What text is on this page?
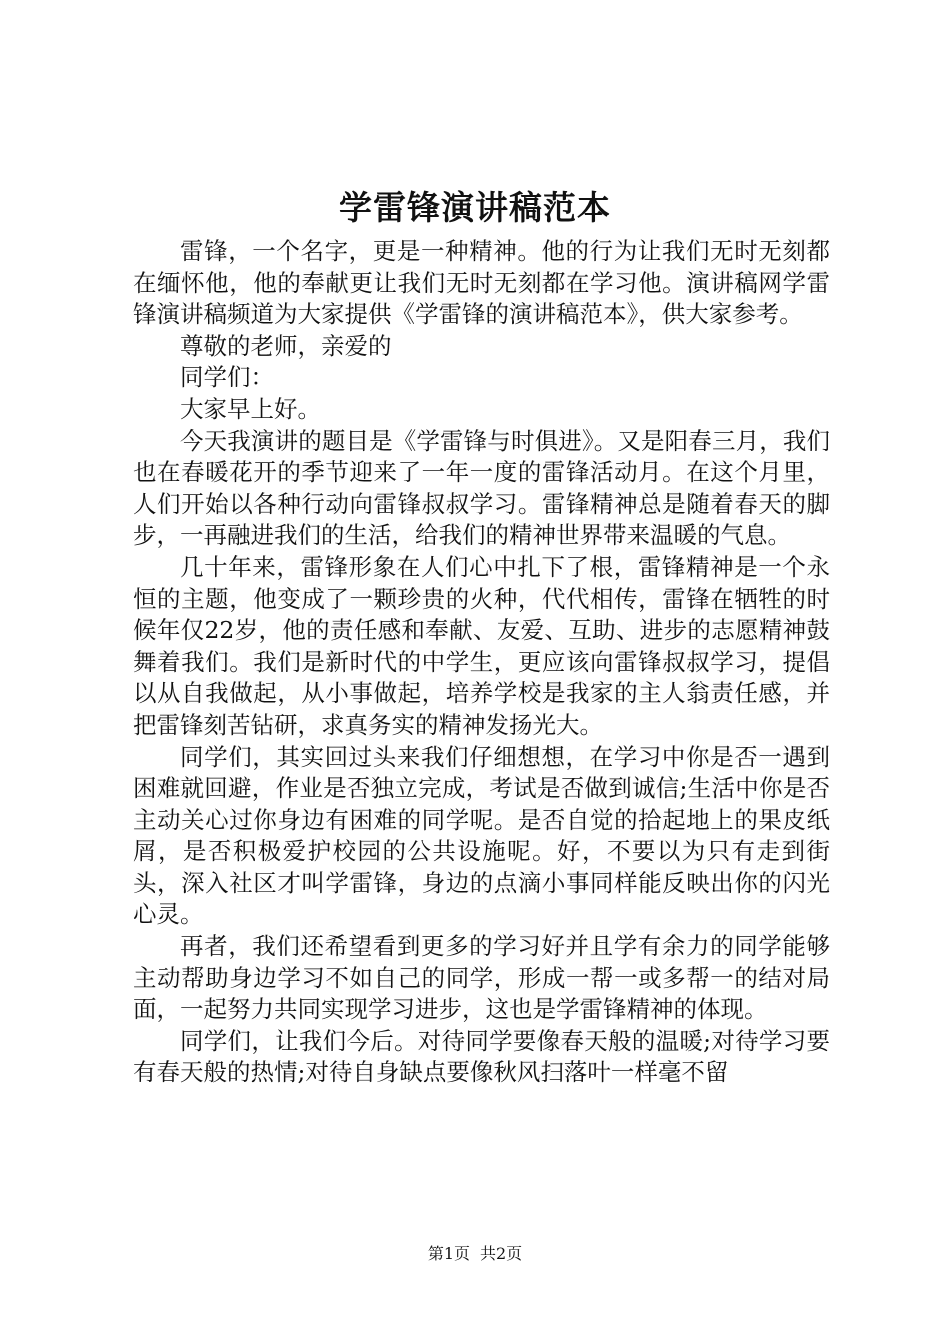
学雷锋演讲稿范本

雷锋，一个名字，更是一种精神。他的行为让我们无时无刻都在缅怀他，他的奉献更让我们无时无刻都在学习他。演讲稿网学雷锋演讲稿频道为大家提供《学雷锋的演讲稿范本》，供大家参考。

尊敬的老师，亲爱的

同学们：

大家早上好。

今天我演讲的题目是《学雷锋与时俱进》。又是阳春三月，我们也在春暖花开的季节迎来了一年一度的雷锋活动月。在这个月里，人们开始以各种行动向雷锋叔叔学习。雷锋精神总是随着春天的脚步，一再融进我们的生活，给我们的精神世界带来温暖的气息。

几十年来，雷锋形象在人们心中扎下了根，雷锋精神是一个永恒的主题，他变成了一颗珍贵的火种，代代相传，雷锋在牺牲的时候年仅22岁，他的责任感和奉献、友爱、互助、进步的志愿精神鼓舞着我们。我们是新时代的中学生，更应该向雷锋叔叔学习，提倡以从自我做起，从小事做起，培养学校是我家的主人翁责任感，并把雷锋刻苦钻研，求真务实的精神发扬光大。

同学们，其实回过头来我们仔细想想，在学习中你是否一遇到困难就回避，作业是否独立完成，考试是否做到诚信;生活中你是否主动关心过你身边有困难的同学呢。是否自觉的拾起地上的果皮纸屑，是否积极爱护校园的公共设施呢。好，不要以为只有走到街头，深入社区才叫学雷锋，身边的点滴小事同样能反映出你的闪光心灵。

再者，我们还希望看到更多的学习好并且学有余力的同学能够主动帮助身边学习不如自己的同学，形成一帮一或多帮一的结对局面，一起努力共同实现学习进步，这也是学雷锋精神的体现。

同学们，让我们今后。对待同学要像春天般的温暖;对待学习要有春天般的热情;对待自身缺点要像秋风扫落叶一样毫不留

第1页 共2页
